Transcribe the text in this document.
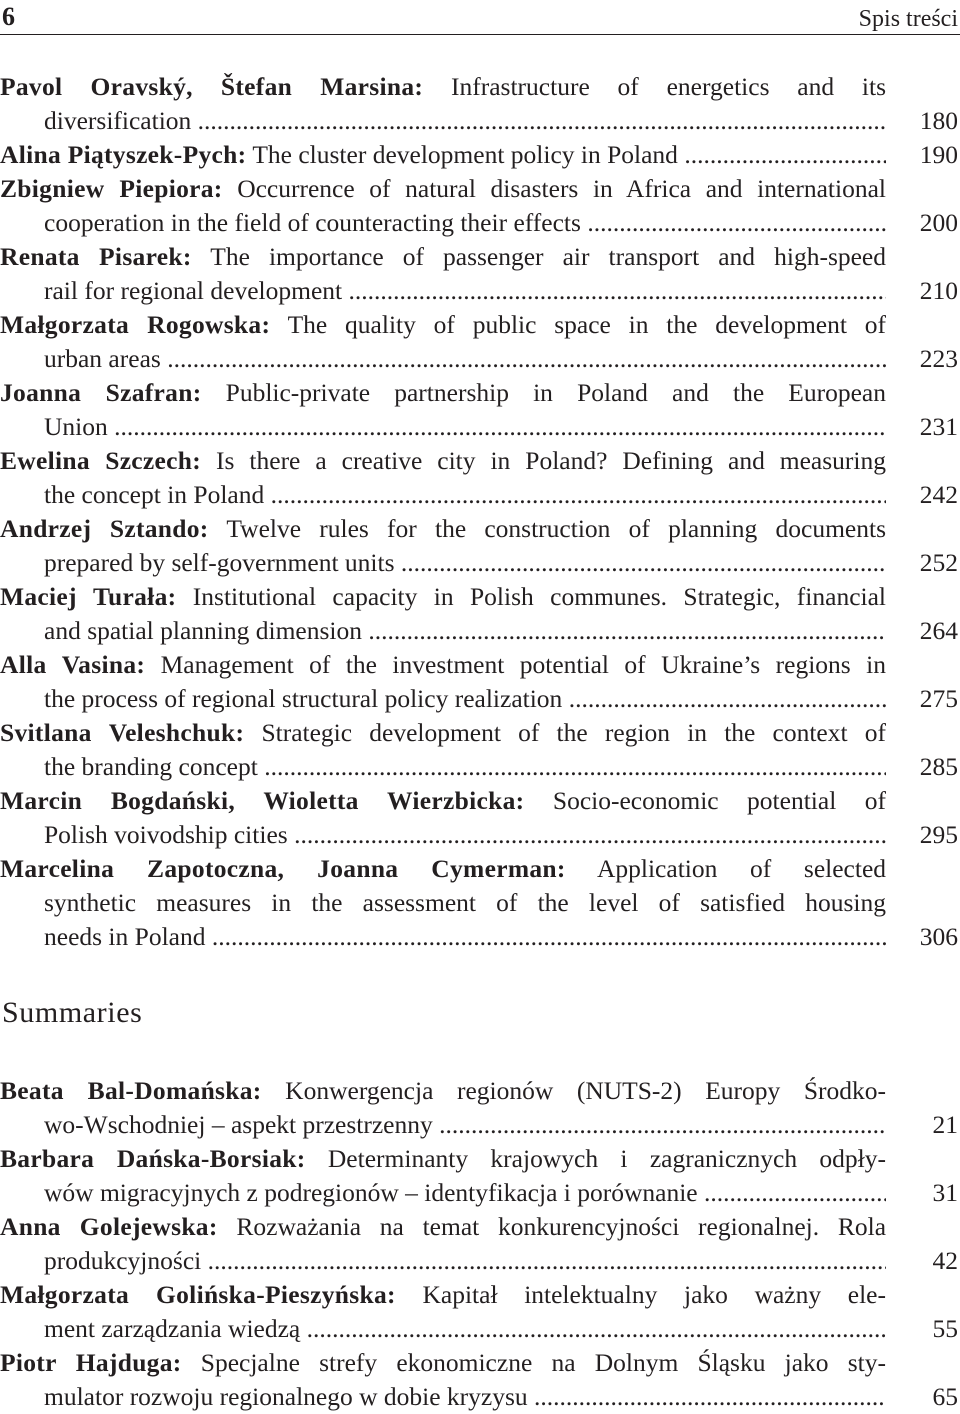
6	Spis treści
Pavol Oravský, Štefan Marsina: Infrastructure of energetics and its
diversification .....	180
Alina Piątyszek-Pych: The cluster development policy in Poland .....	190
Zbigniew Piepiora: Occurrence of natural disasters in Africa and international
cooperation in the field of counteracting their effects .....	200
Renata Pisarek: The importance of passenger air transport and high-speed
rail for regional development .....	210
Małgorzata Rogowska: The quality of public space in the development of
urban areas .....	223
Joanna Szafran: Public-private partnership in Poland and the European
Union .....	231
Ewelina Szczech: Is there a creative city in Poland? Defining and measuring
the concept in Poland .....	242
Andrzej Sztando: Twelve rules for the construction of planning documents
prepared by self-government units .....	252
Maciej Turała: Institutional capacity in Polish communes. Strategic, financial
and spatial planning dimension .....	264
Alla Vasina: Management of the investment potential of Ukraine’s regions in
the process of regional structural policy realization .....	275
Svitlana Veleshchuk: Strategic development of the region in the context of
the branding concept .....	285
Marcin Bogdański, Wioletta Wierzbicka: Socio-economic potential of
Polish voivodship cities .....	295
Marcelina Zapotoczna, Joanna Cymerman: Application of selected
synthetic measures in the assessment of the level of satisfied housing
needs in Poland .....	306
Summaries
Beata Bal-Domańska: Konwergencja regionów (NUTS-2) Europy Środko-
wo-Wschodniej – aspekt przestrzenny .....	21
Barbara Dańska-Borsiak: Determinanty krajowych i zagranicznych odpły-
wów migracyjnych z podregionów – identyfikacja i porównanie .....	31
Anna Golejewska: Rozważania na temat konkurencyjności regionalnej. Rola
produkcyjności .....	42
Małgorzata Golińska-Pieszyńska: Kapitał intelektualny jako ważny ele-
ment zarządzania wiedzą .....	55
Piotr Hajduga: Specjalne strefy ekonomiczne na Dolnym Śląsku jako sty-
mulator rozwoju regionalnego w dobie kryzysu .....	65
